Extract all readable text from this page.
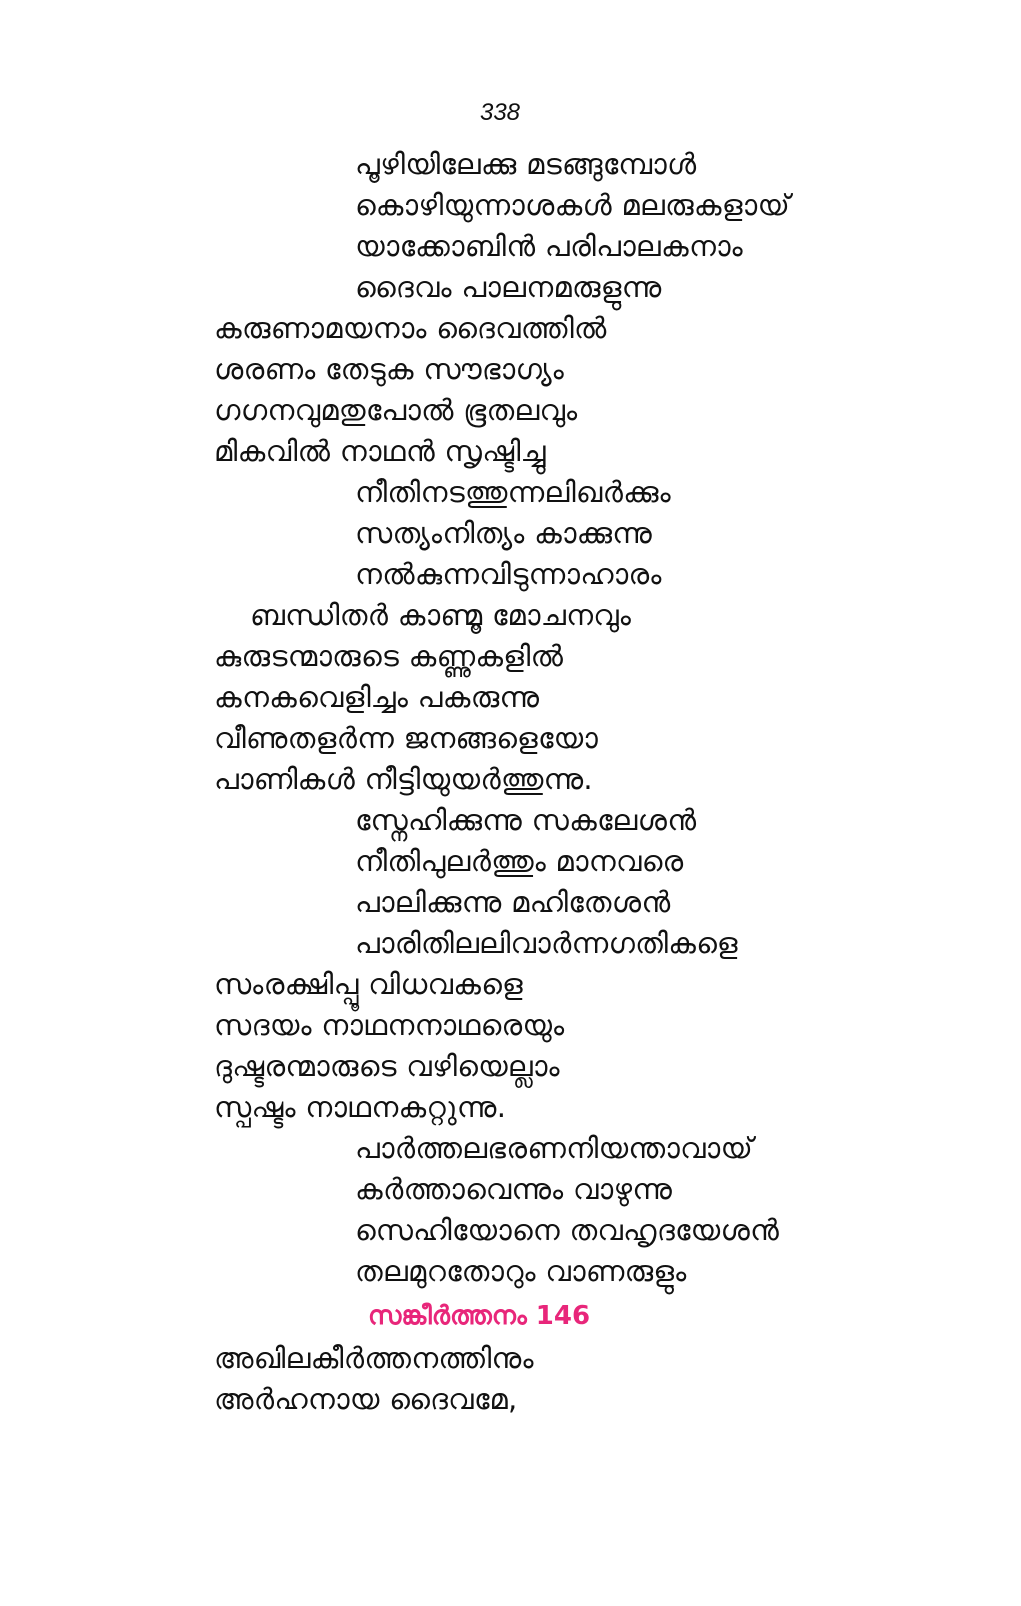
338
പൂഴിയിലേക്കു മടങ്ങുമ്പോൾ
കൊഴിയുന്നാശകൾ മലരുകളായ്
യാക്കോബിൻ പരിപാലകനാം
ദൈവം പാലനമരുളുന്നു
കരുണാമയനാം ദൈവത്തിൽ
ശരണം തേടുക സൗഭാഗ്യം
ഗഗനവുമതുപോൽ ഭൂതലവും
മികവിൽ നാഥൻ സൃഷ്ടിച്ചു
നീതിനടത്തുന്നലിഖർക്കും
സത്യംനിത്യം കാക്കുന്നു
നൽകുന്നവിടുന്നാഹാരം
ബന്ധിതർ കാണ്മൂ മോചനവും
കുരുടന്മാരുടെ കണ്ണുകളിൽ
കനകവെളിച്ചം പകരുന്നു
വീണുതളർന്ന ജനങ്ങളെയോ
പാണികൾ നീട്ടിയുയർത്തുന്നു.
സ്നേഹിക്കുന്നു സകലേശൻ
നീതിപുലർത്തും മാനവരെ
പാലിക്കുന്നു മഹിതേശൻ
പാരിതിലലിവാർന്നഗതികളെ
സംരക്ഷിപ്പൂ വിധവകളെ
സദയം നാഥനനാഥരെയും
ദുഷ്ടരന്മാരുടെ വഴിയെല്ലാം
സ്പഷ്ടം നാഥനകറ്റുന്നു.
പാർത്തലഭരണനിയന്താവായ്
കർത്താവെന്നും വാഴുന്നു
സെഹിയോനെ തവഹൃദയേശൻ
തലമുറതോറും വാണരുളും
സങ്കീർത്തനം 146
അഖിലകീർത്തനത്തിനും
അർഹനായ ദൈവമേ,
